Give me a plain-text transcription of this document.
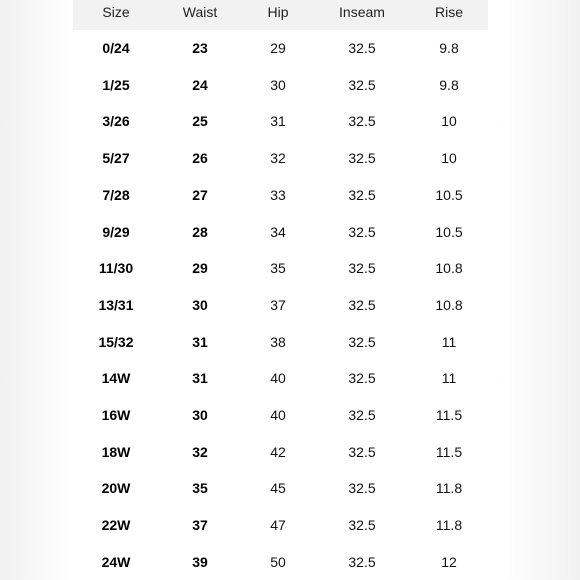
Size	Waist	Hip	Inseam	Rise
0/24	23	29	32.5	9.8
1/25	24	30	32.5	9.8
3/26	25	31	32.5	10
5/27	26	32	32.5	10
7/28	27	33	32.5	10.5
9/29	28	34	32.5	10.5
11/30	29	35	32.5	10.8
13/31	30	37	32.5	10.8
15/32	31	38	32.5	11
14W	31	40	32.5	11
16W	30	40	32.5	11.5
18W	32	42	32.5	11.5
20W	35	45	32.5	11.8
22W	37	47	32.5	11.8
24W	39	50	32.5	12
